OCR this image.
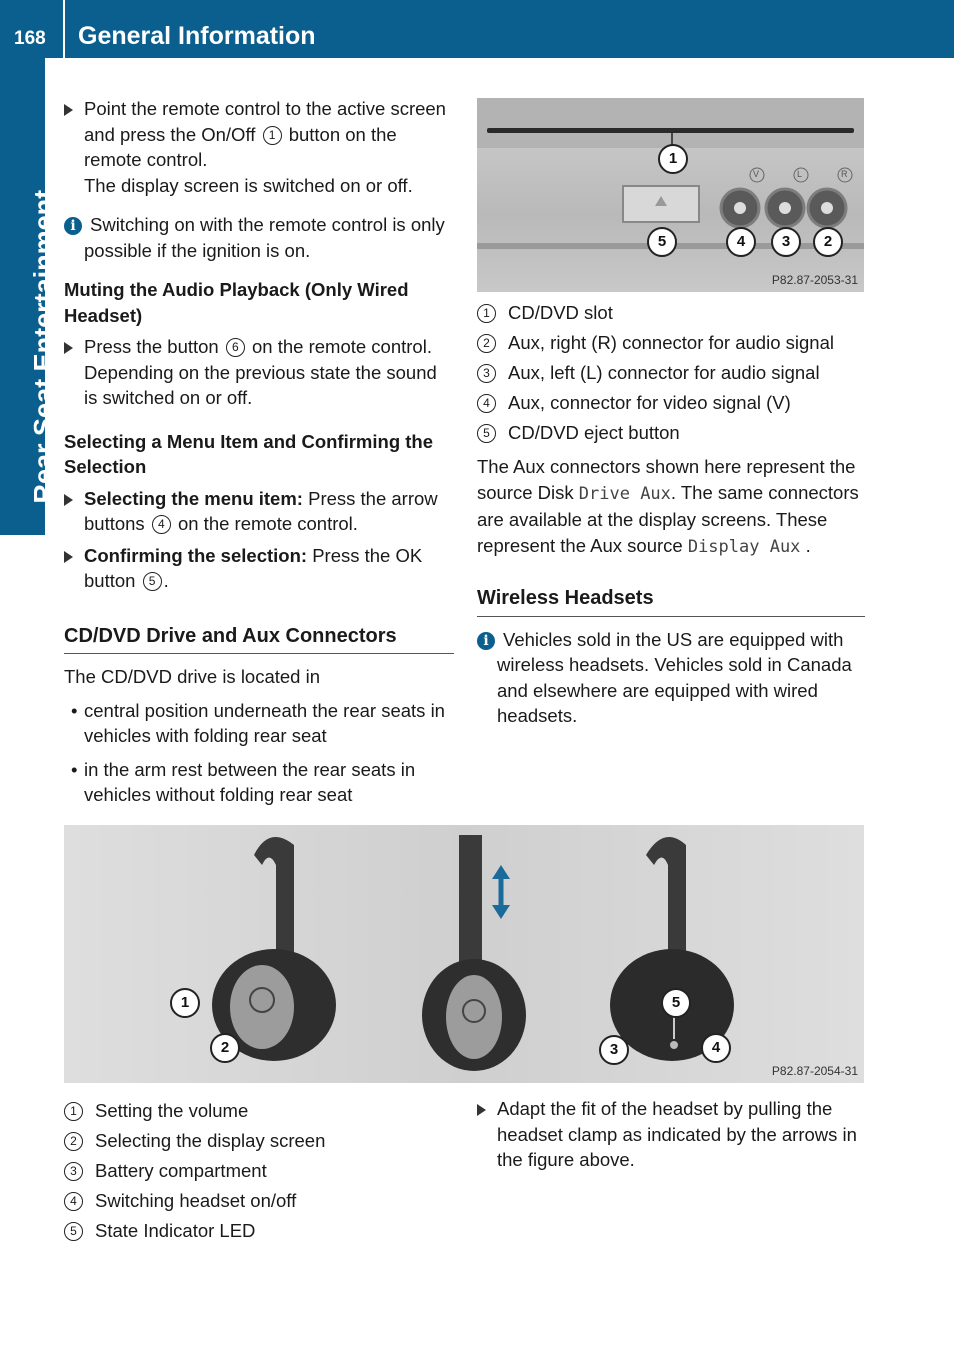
168 General Information
Rear Seat Entertainment
Point the remote control to the active screen and press the On/Off 1 button on the remote control.
The display screen is switched on or off.
i Switching on with the remote control is only possible if the ignition is on.
Muting the Audio Playback (Only Wired Headset)
Press the button 6 on the remote control.
Depending on the previous state the sound is switched on or off.
Selecting a Menu Item and Confirming the Selection
Selecting the menu item: Press the arrow buttons 4 on the remote control.
Confirming the selection: Press the OK button 5 .
CD/DVD Drive and Aux Connectors
The CD/DVD drive is located in
• central position underneath the rear seats in vehicles with folding rear seat
• in the arm rest between the rear seats in vehicles without folding rear seat
V	L	R
1
5	4	3	2
P82.87-2053-31
1 CD/DVD slot
2 Aux, right (R) connector for audio signal
3 Aux, left (L) connector for audio signal
4 Aux, connector for video signal (V)
5 CD/DVD eject button
The Aux connectors shown here represent the source Disk Drive Aux. The same connectors are available at the display screens. These represent the Aux source Display Aux .
Wireless Headsets
i Vehicles sold in the US are equipped with wireless headsets. Vehicles sold in Canada and elsewhere are equipped with wired headsets.
1
2
5
3	4
P82.87-2054-31
1 Setting the volume
2 Selecting the display screen
3 Battery compartment
4 Switching headset on/off
5 State Indicator LED
Adapt the fit of the headset by pulling the headset clamp as indicated by the arrows in the figure above.
